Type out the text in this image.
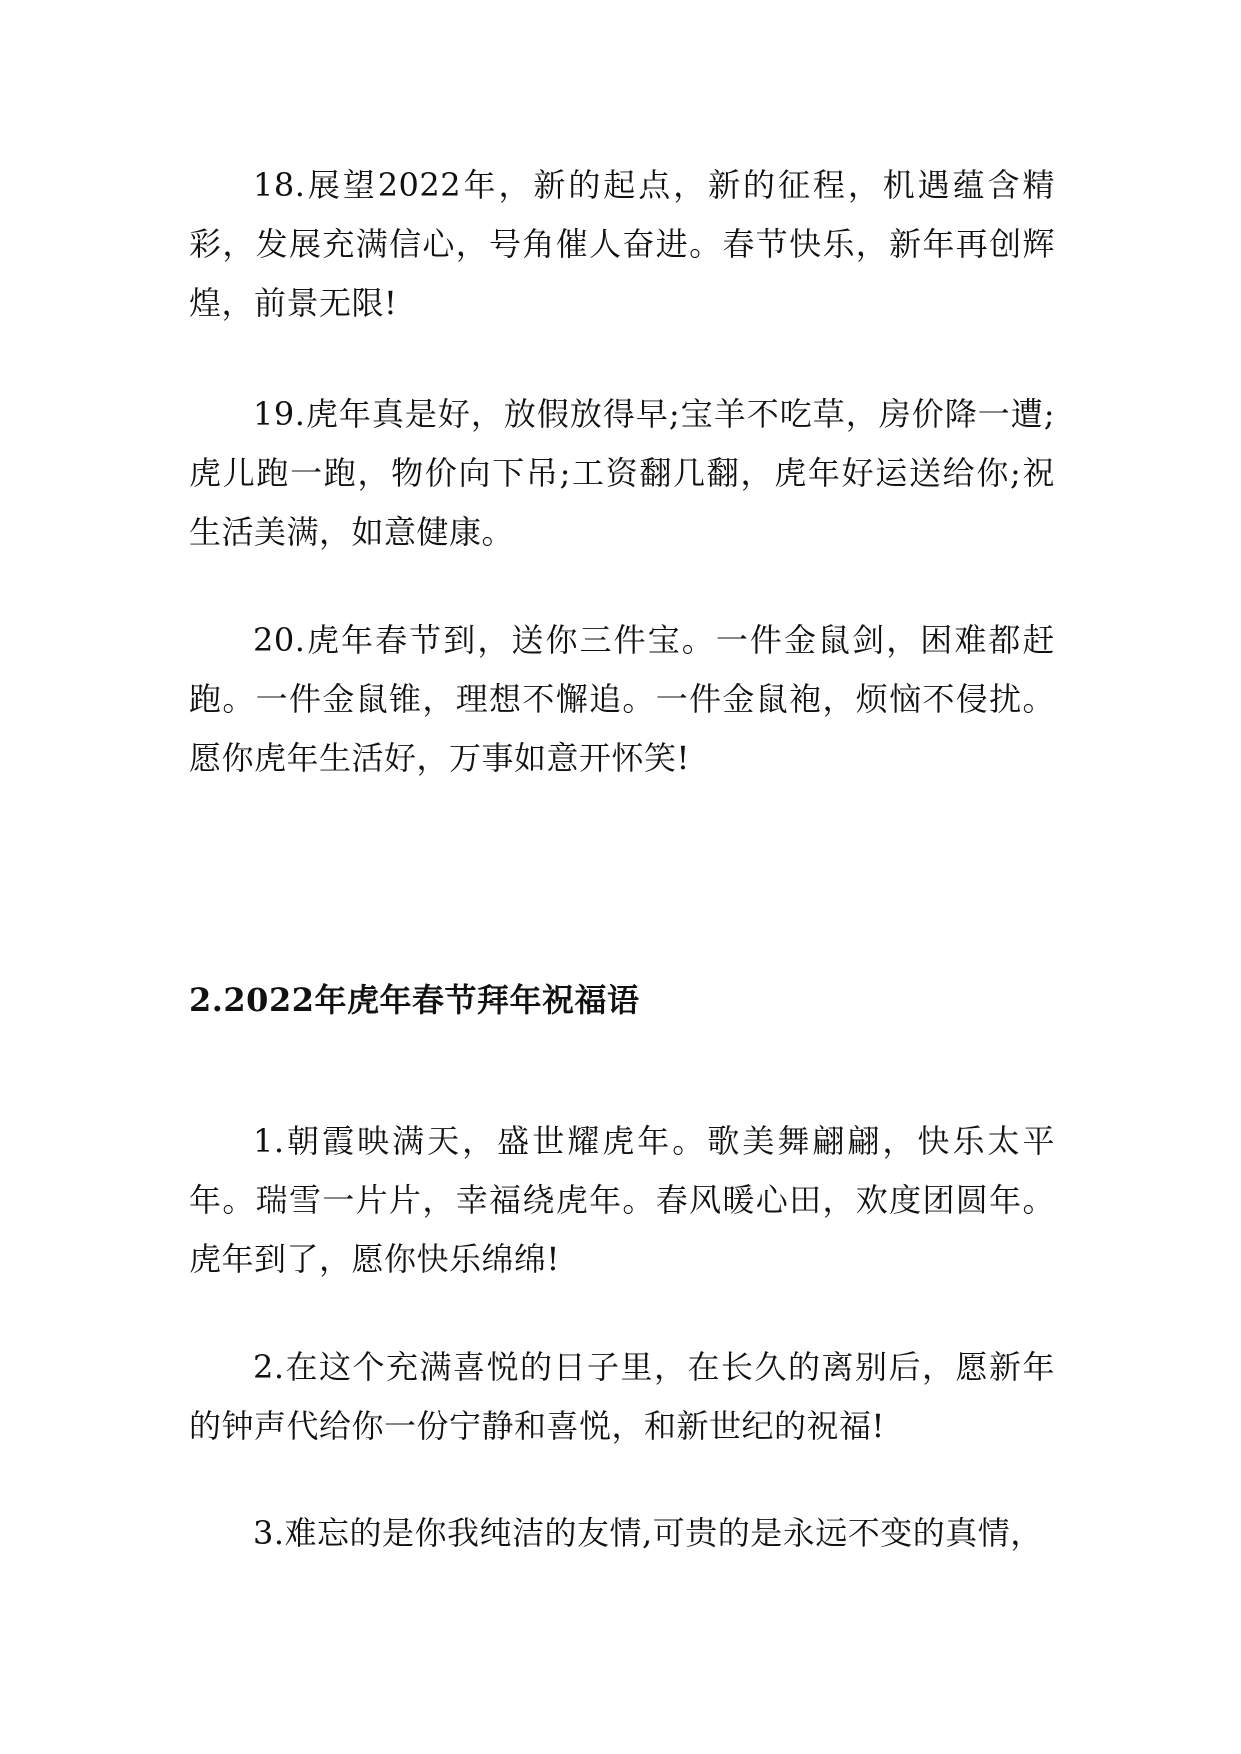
18.展望2022年，新的起点，新的征程，机遇蕴含精彩，发展充满信心，号角催人奋进。春节快乐，新年再创辉煌，前景无限!

19.虎年真是好，放假放得早;宝羊不吃草，房价降一遭;虎儿跑一跑，物价向下吊;工资翻几翻，虎年好运送给你;祝生活美满，如意健康。

20.虎年春节到，送你三件宝。一件金鼠剑，困难都赶跑。一件金鼠锥，理想不懈追。一件金鼠袍，烦恼不侵扰。愿你虎年生活好，万事如意开怀笑!

2.2022年虎年春节拜年祝福语

1.朝霞映满天，盛世耀虎年。歌美舞翩翩，快乐太平年。瑞雪一片片，幸福绕虎年。春风暖心田，欢度团圆年。虎年到了，愿你快乐绵绵!

2.在这个充满喜悦的日子里，在长久的离别后，愿新年的钟声代给你一份宁静和喜悦，和新世纪的祝福!

3.难忘的是你我纯洁的友情,可贵的是永远不变的真情，
